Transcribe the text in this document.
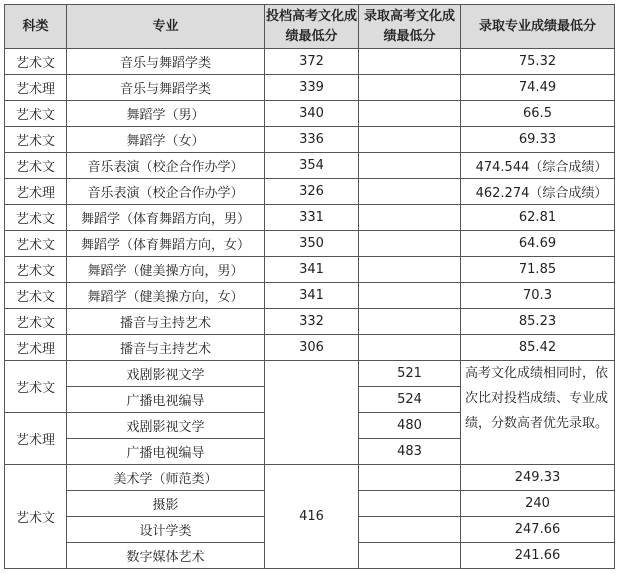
科类	专业	投档高考文化成绩最低分	录取高考文化成绩最低分	录取专业成绩最低分
艺术文	音乐与舞蹈学类	372		75.32
艺术理	音乐与舞蹈学类	339		74.49
艺术文	舞蹈学（男）	340		66.5
艺术文	舞蹈学（女）	336		69.33
艺术文	音乐表演（校企合作办学）	354		474.544（综合成绩）
艺术理	音乐表演（校企合作办学）	326		462.274（综合成绩）
艺术文	舞蹈学（体育舞蹈方向，男）	331		62.81
艺术文	舞蹈学（体育舞蹈方向，女）	350		64.69
艺术文	舞蹈学（健美操方向，男）	341		71.85
艺术文	舞蹈学（健美操方向，女）	341		70.3
艺术文	播音与主持艺术	332		85.23
艺术理	播音与主持艺术	306		85.42
艺术文	戏剧影视文学		521	高考文化成绩相同时，依次比对投档成绩、专业成绩，分数高者优先录取。
	广播电视编导		524	
艺术理	戏剧影视文学		480	
	广播电视编导		483	
艺术文	美术学（师范类）	416		249.33
	摄影			240
	设计学类			247.66
	数字媒体艺术			241.66
